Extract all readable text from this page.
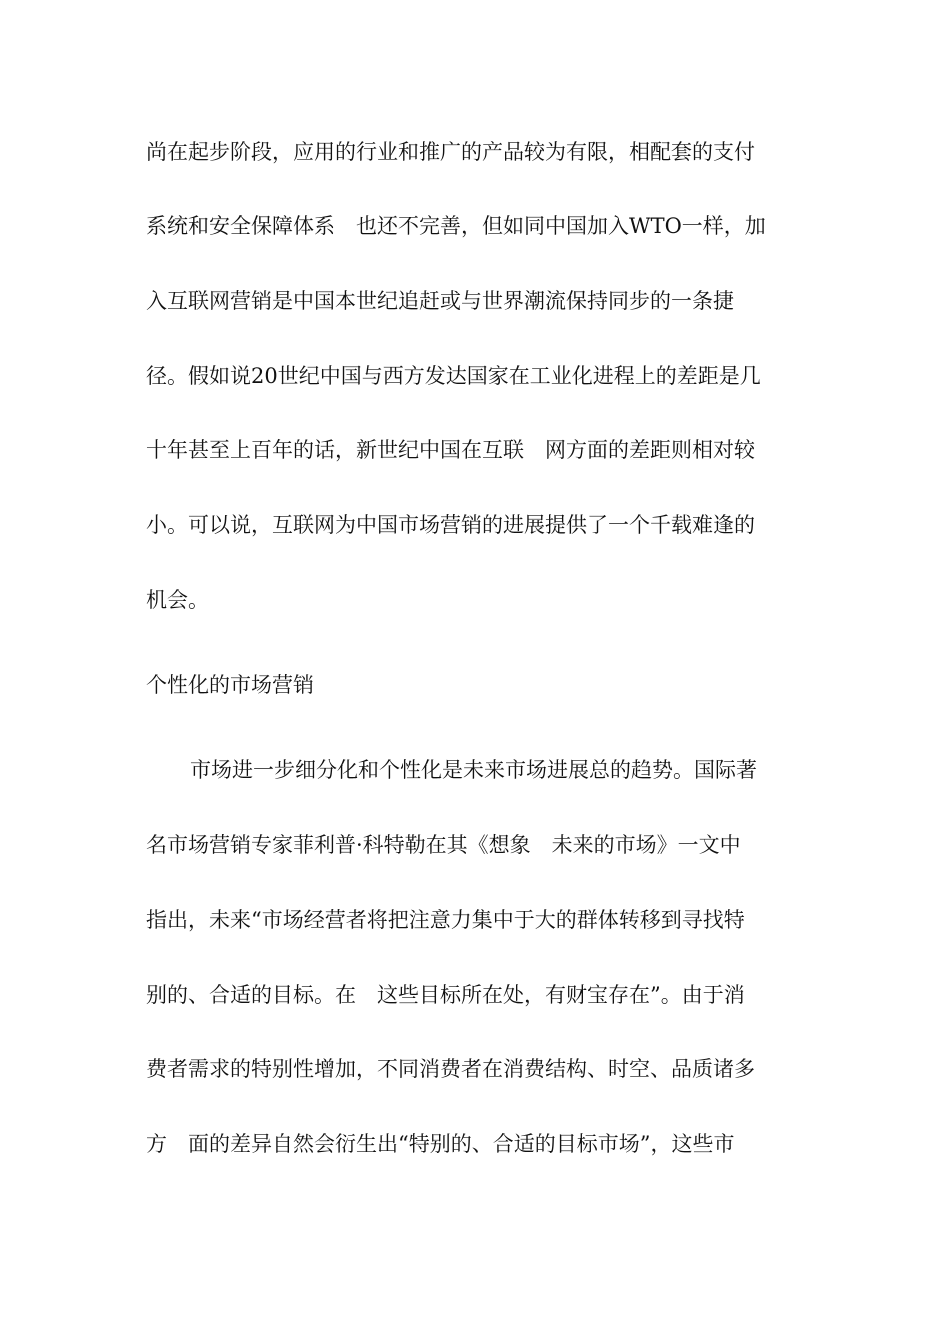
尚在起步阶段，应用的行业和推广的产品较为有限，相配套的支付
系统和安全保障体系　也还不完善，但如同中国加入WTO一样，加
入互联网营销是中国本世纪追赶或与世界潮流保持同步的一条捷
径。假如说20世纪中国与西方发达国家在工业化进程上的差距是几
十年甚至上百年的话，新世纪中国在互联　网方面的差距则相对较
小。可以说，互联网为中国市场营销的进展提供了一个千载难逢的
机会。
个性化的市场营销
市场进一步细分化和个性化是未来市场进展总的趋势。国际著
名市场营销专家菲利普·科特勒在其《想象　未来的市场》一文中
指出，未来“市场经营者将把注意力集中于大的群体转移到寻找特
别的、合适的目标。在　这些目标所在处，有财宝存在”。由于消
费者需求的特别性增加，不同消费者在消费结构、时空、品质诸多
方　面的差异自然会衍生出“特别的、合适的目标市场”，这些市
